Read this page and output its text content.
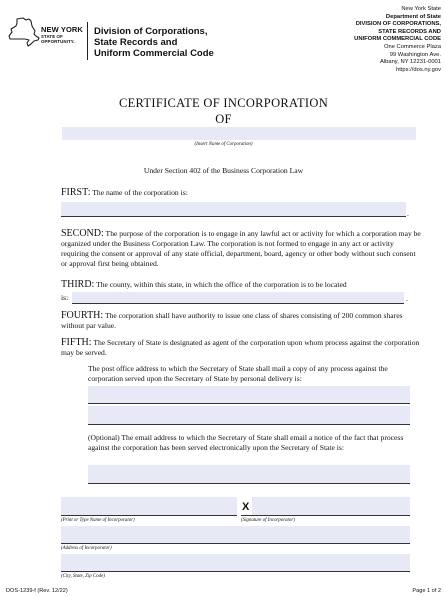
NEW YORK
STATE OF
OPPORTUNITY.
Division of Corporations,
State Records and
Uniform Commercial Code
New York State
Department of State
DIVISION OF CORPORATIONS,
STATE RECORDS AND
UNIFORM COMMERCIAL CODE
One Commerce Plaza
99 Washington Ave.
Albany, NY 12231-0001
https://dos.ny.gov
CERTIFICATE OF INCORPORATION
OF
(Insert Name of Corporation)
Under Section 402 of the Business Corporation Law
FIRST: The name of the corporation is:
.
SECOND: The purpose of the corporation is to engage in any lawful act or activity for which a corporation may be organized under the Business Corporation Law. The corporation is not formed to engage in any act or activity requiring the consent or approval of any state official, department, board, agency or other body without such consent or approval first being obtained.
THIRD: The county, within this state, in which the office of the corporation is to be located
is:	.
FOURTH: The corporation shall have authority to issue one class of shares consisting of 200 common shares without par value.
FIFTH: The Secretary of State is designated as agent of the corporation upon whom process against the corporation may be served.
The post office address to which the Secretary of State shall mail a copy of any process against the corporation served upon the Secretary of State by personal delivery is:
(Optional) The email address to which the Secretary of State shall email a notice of the fact that process against the corporation has been served electronically upon the Secretary of State is:
X
(Print or Type Name of Incorporator)	(Signature of Incorporator)
(Address of Incorporator)
(City, State, Zip Code)
DOS-1239-f (Rev. 12/22)	Page 1 of 2
